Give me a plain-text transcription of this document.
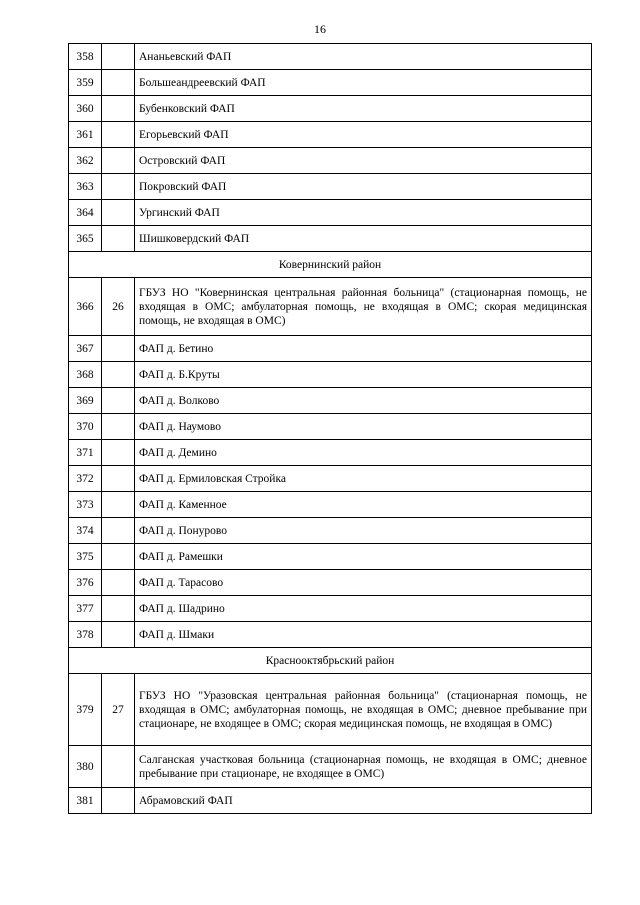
16
358		Ананьевский ФАП
359		Большеандреевский ФАП
360		Бубенковский ФАП
361		Егорьевский ФАП
362		Островский ФАП
363		Покровский ФАП
364		Ургинский ФАП
365		Шишковердский ФАП
Ковернинский район		
366	26	ГБУЗ НО "Ковернинская центральная районная больница" (стационарная помощь, не входящая в ОМС; амбулаторная помощь, не входящая в ОМС; скорая медицинская помощь, не входящая в ОМС)
367		ФАП д. Бетино
368		ФАП д. Б.Круты
369		ФАП д. Волково
370		ФАП д. Наумово
371		ФАП д. Демино
372		ФАП д. Ермиловская Стройка
373		ФАП д. Каменное
374		ФАП д. Понурово
375		ФАП д. Рамешки
376		ФАП д. Тарасово
377		ФАП д. Шадрино
378		ФАП д. Шмаки
Краснооктябрьский район		
379	27	ГБУЗ НО "Уразовская центральная районная больница" (стационарная помощь, не входящая в ОМС; амбулаторная помощь, не входящая в ОМС; дневное пребывание при стационаре, не входящее в ОМС; скорая медицинская помощь, не входящая в ОМС)
380		Салганская участковая больница (стационарная помощь, не входящая в ОМС; дневное пребывание при стационаре, не входящее в ОМС)
381		Абрамовский ФАП
